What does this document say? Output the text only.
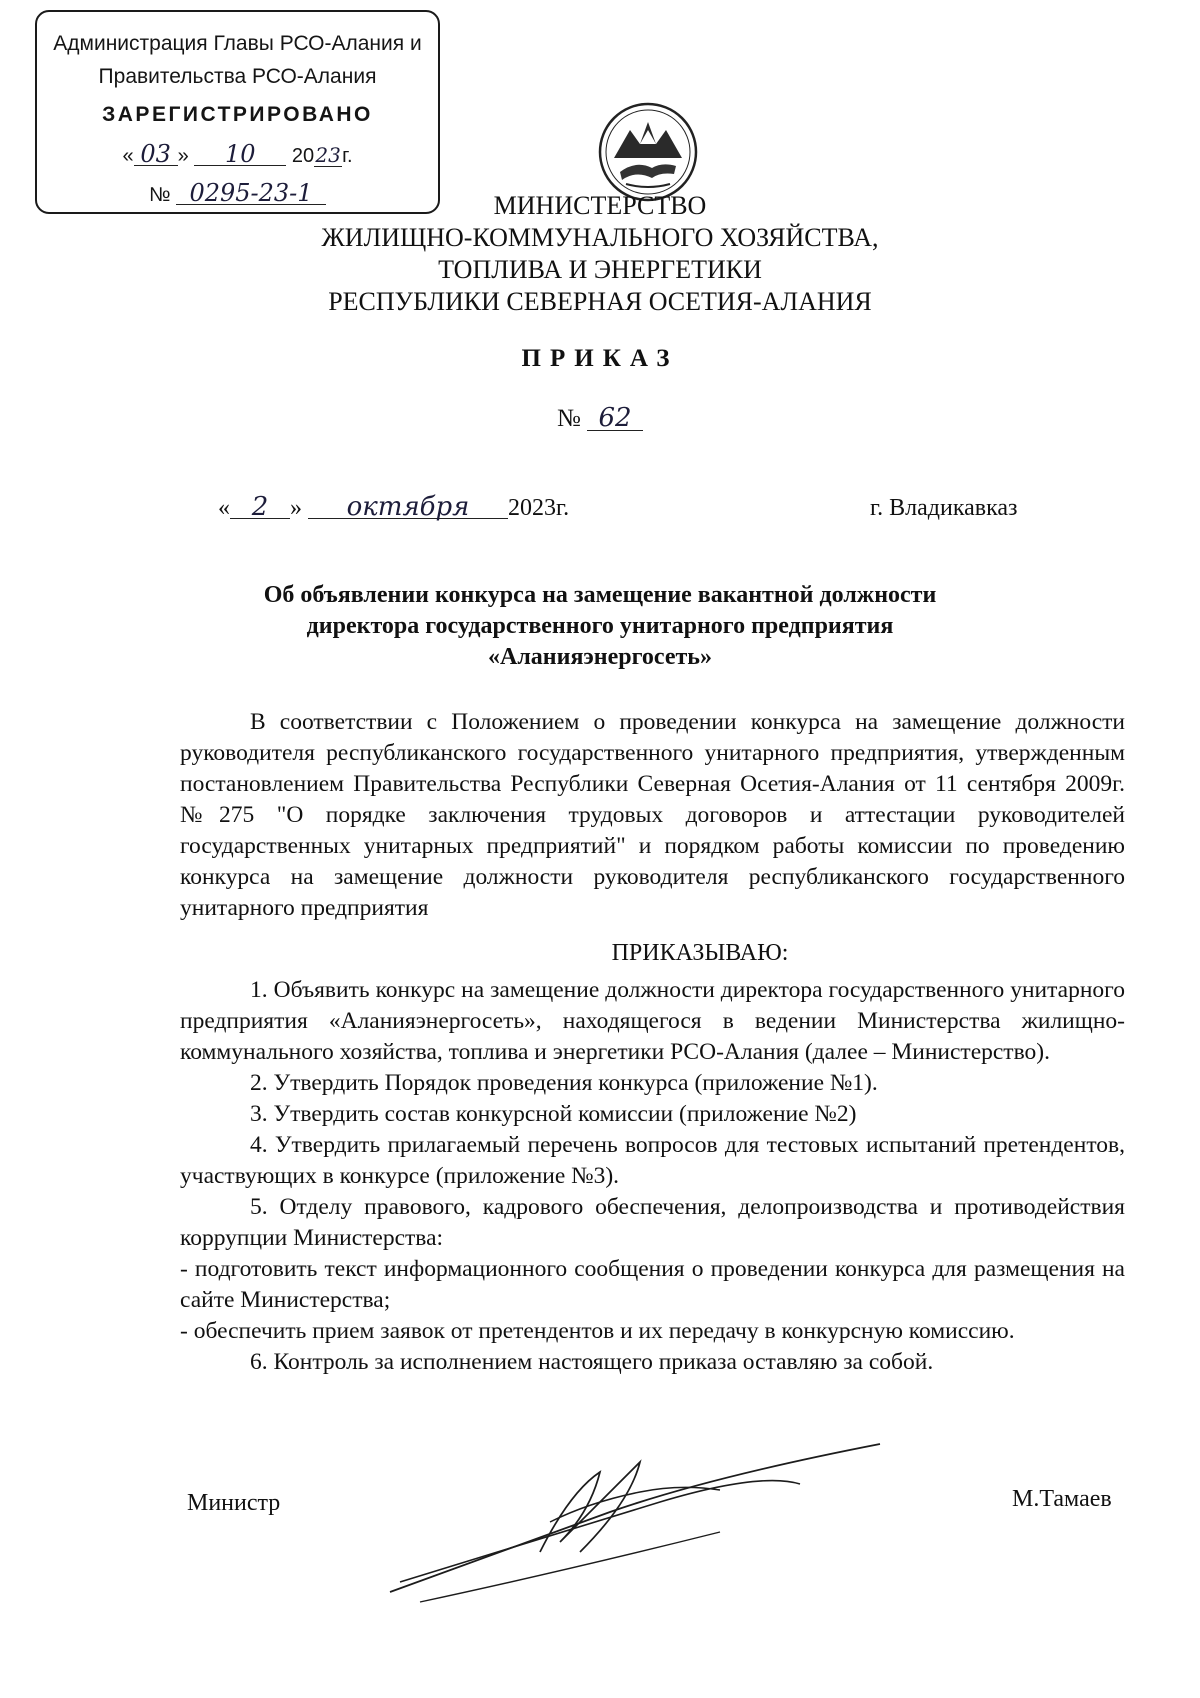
Администрация Главы РСО-Алания и
Правительства РСО-Алания
ЗАРЕГИСТРИРОВАНО
« 03 » 10 2023г.
№ 0295-23-1	МИНИСТЕРСТВО
ЖИЛИЩНО-КОММУНАЛЬНОГО ХОЗЯЙСТВА,
ТОПЛИВА И ЭНЕРГЕТИКИ
РЕСПУБЛИКИ СЕВЕРНАЯ ОСЕТИЯ-АЛАНИЯ
ПРИКАЗ
№ 62
« 2 » октября 2023г.	г. Владикавказ
Об объявлении конкурса на замещение вакантной должности
директора государственного унитарного предприятия
«Аланияэнергосеть»
В соответствии с Положением о проведении конкурса на замещение должности руководителя республиканского государственного унитарного предприятия, утвержденным постановлением Правительства Республики Северная Осетия-Алания от 11 сентября 2009г. №275 "О порядке заключения трудовых договоров и аттестации руководителей государственных унитарных предприятий" и порядком работы комиссии по проведению конкурса на замещение должности руководителя республиканского государственного унитарного предприятия
ПРИКАЗЫВАЮ:

1. Объявить конкурс на замещение должности директора государственного унитарного предприятия «Аланияэнергосеть», находящегося в ведении Министерства жилищно-коммунального хозяйства, топлива и энергетики РСО-Алания (далее – Министерство).

2. Утвердить Порядок проведения конкурса (приложение №1).

3. Утвердить состав конкурсной комиссии (приложение №2)

4. Утвердить прилагаемый перечень вопросов для тестовых испытаний претендентов, участвующих в конкурсе (приложение №3).

5. Отделу правового, кадрового обеспечения, делопроизводства и противодействия коррупции Министерства:

- подготовить текст информационного сообщения о проведении конкурса для размещения на сайте Министерства;

- обеспечить прием заявок от претендентов и их передачу в конкурсную комиссию.

6. Контроль за исполнением настоящего приказа оставляю за собой.

Министр	М.Тамаев
